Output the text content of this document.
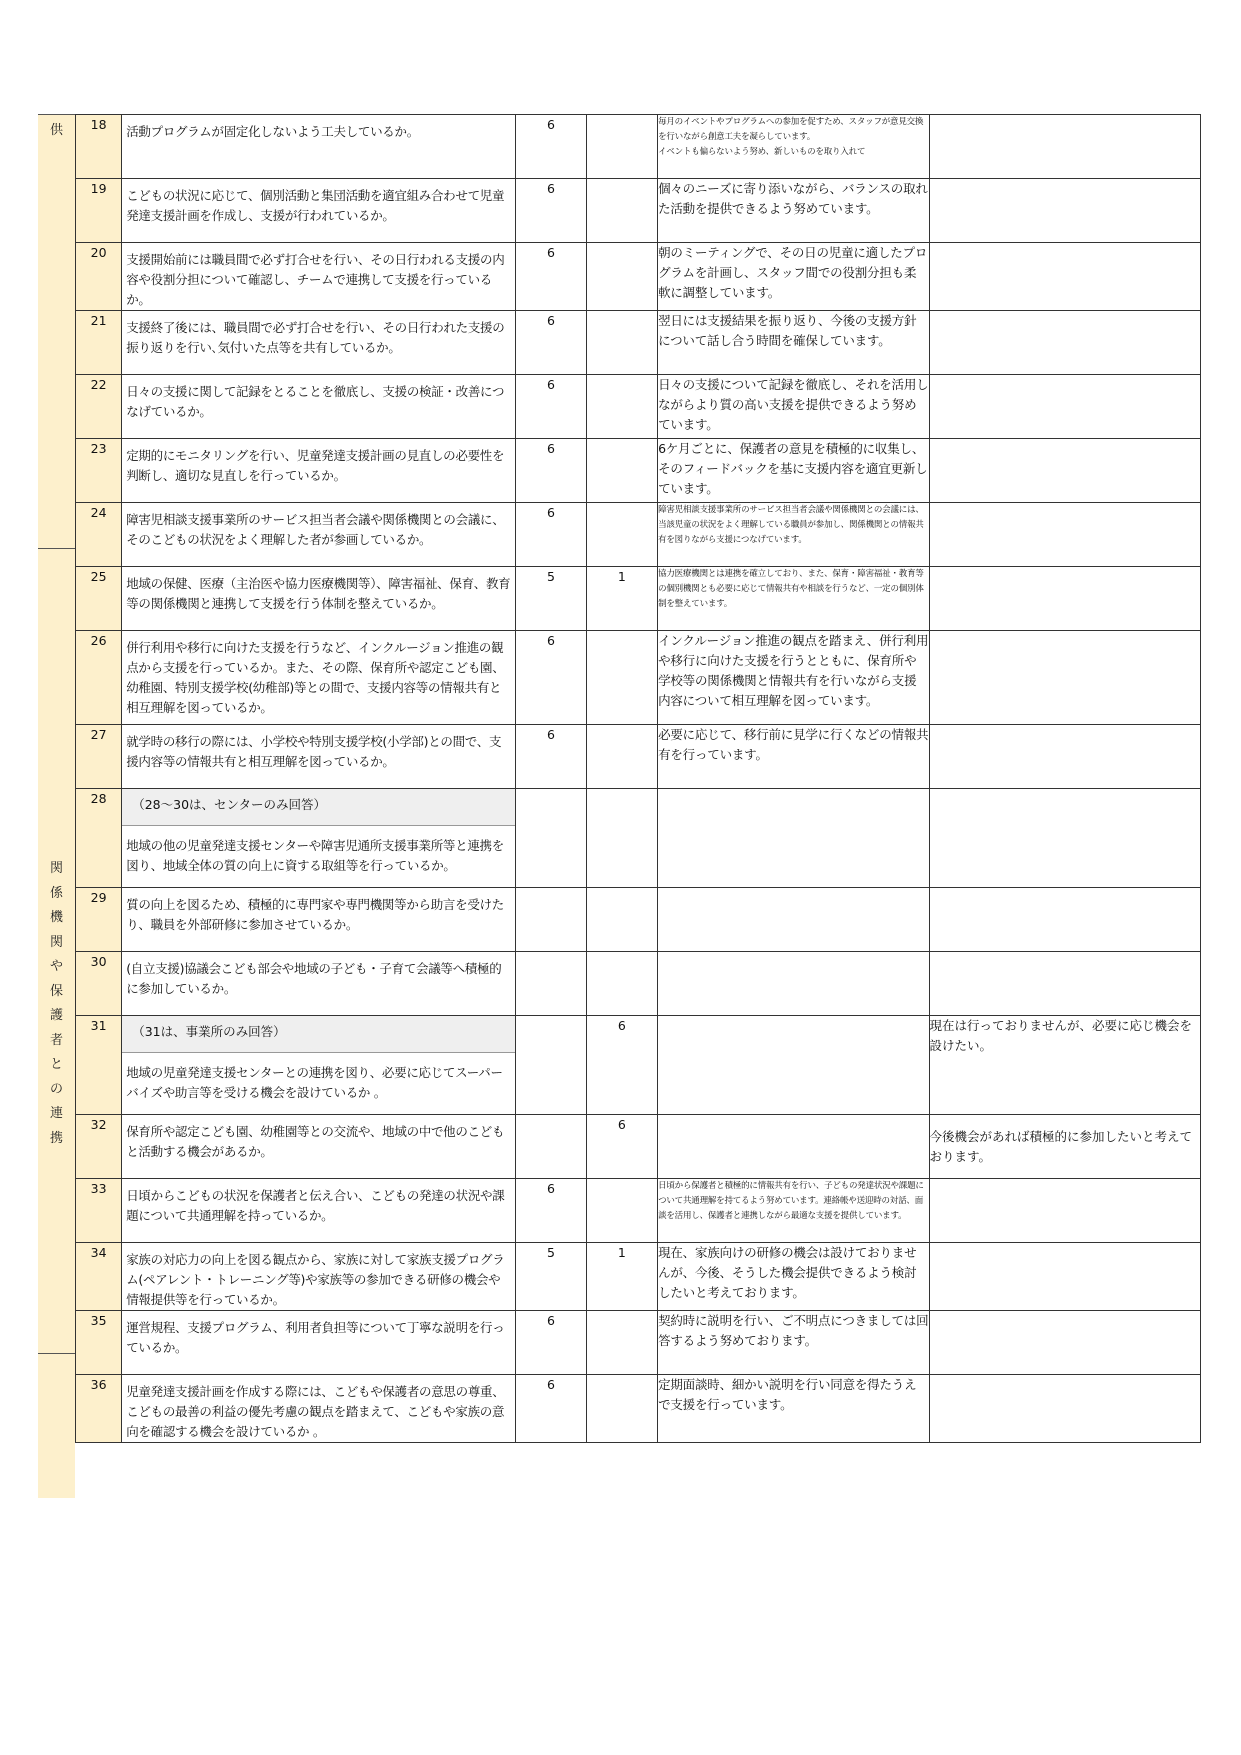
供
関係機関や保護者との連携
18	活動プログラムが固定化しないよう工夫しているか。	6		毎月のイベントやプログラムへの参加を促すため、スタッフが意見交換を行いながら創意工夫を凝らしています。
イベントも偏らないよう努め、新しいものを取り入れて	

19	こどもの状況に応じて、個別活動と集団活動を適宜組み合わせて児童発達支援計画を作成し、支援が行われているか。	6		個々のニーズに寄り添いながら、バランスの取れた活動を提供できるよう努めています。	

20	支援開始前には職員間で必ず打合せを行い、その日行われる支援の内容や役割分担について確認し、チームで連携して支援を行っているか。	6		朝のミーティングで、その日の児童に適したプログラムを計画し、スタッフ間での役割分担も柔軟に調整しています。	

21	支援終了後には、職員間で必ず打合せを行い、その日行われた支援の振り返りを行い､気付いた点等を共有しているか。	6		翌日には支援結果を振り返り、今後の支援方針について話し合う時間を確保しています。	

22	日々の支援に関して記録をとることを徹底し、支援の検証・改善につなげているか。	6		日々の支援について記録を徹底し、それを活用しながらより質の高い支援を提供できるよう努めています。	

23	定期的にモニタリングを行い、児童発達支援計画の見直しの必要性を判断し、適切な見直しを行っているか。	6		6ケ月ごとに、保護者の意見を積極的に収集し、そのフィードバックを基に支援内容を適宜更新しています。	

24	障害児相談支援事業所のサービス担当者会議や関係機関との会議に、そのこどもの状況をよく理解した者が参画しているか。	6		障害児相談支援事業所のサービス担当者会議や関係機関との会議には、当該児童の状況をよく理解している職員が参加し、関係機関との情報共有を図りながら支援につなげています。	

25	地域の保健、医療（主治医や協力医療機関等）、障害福祉、保育、教育等の関係機関と連携して支援を行う体制を整えているか。	5	1	協力医療機関とは連携を確立しており、また、保育・障害福祉・教育等の個別機関とも必要に応じて情報共有や相談を行うなど、一定の個別体制を整えています。	

26	併行利用や移行に向けた支援を行うなど、インクルージョン推進の観点から支援を行っているか。また、その際、保育所や認定こども園、幼稚園、特別支援学校(幼稚部)等との間で、支援内容等の情報共有と相互理解を図っているか。	6		インクルージョン推進の観点を踏まえ、併行利用や移行に向けた支援を行うとともに、保育所や学校等の関係機関と情報共有を行いながら支援内容について相互理解を図っています。	

27	就学時の移行の際には、小学校や特別支援学校(小学部)との間で、支援内容等の情報共有と相互理解を図っているか。	6		必要に応じて、移行前に見学に行くなどの情報共有を行っています。	

28	（28～30は、センターのみ回答）
地域の他の児童発達支援センターや障害児通所支援事業所等と連携を図り、地域全体の質の向上に資する取組等を行っているか。				

29	質の向上を図るため、積極的に専門家や専門機関等から助言を受けたり、職員を外部研修に参加させているか。				

30	(自立支援)協議会こども部会や地域の子ども・子育て会議等へ積極的に参加しているか。				

31	（31は、事業所のみ回答）
地域の児童発達支援センターとの連携を図り、必要に応じてスーパーバイズや助言等を受ける機会を設けているか 。		6		現在は行っておりませんが、必要に応じ機会を設けたい。

32	保育所や認定こども園、幼稚園等との交流や、地域の中で他のこどもと活動する機会があるか。		6		今後機会があれば積極的に参加したいと考えております。

33	日頃からこどもの状況を保護者と伝え合い、こどもの発達の状況や課題について共通理解を持っているか。	6		日頃から保護者と積極的に情報共有を行い、子どもの発達状況や課題について共通理解を持てるよう努めています。連絡帳や送迎時の対話、面談を活用し、保護者と連携しながら最適な支援を提供しています。	

34	家族の対応力の向上を図る観点から、家族に対して家族支援プログラム(ペアレント・トレーニング等)や家族等の参加できる研修の機会や情報提供等を行っているか。	5	1	現在、家族向けの研修の機会は設けておりませんが、今後、そうした機会提供できるよう検討したいと考えております。	

35	運営規程、支援プログラム、利用者負担等について丁寧な説明を行っているか。	6		契約時に説明を行い、ご不明点につきましては回答するよう努めております。	

36	児童発達支援計画を作成する際には、こどもや保護者の意思の尊重、こどもの最善の利益の優先考慮の観点を踏まえて、こどもや家族の意向を確認する機会を設けているか 。	6		定期面談時、細かい説明を行い同意を得たうえで支援を行っています。	
